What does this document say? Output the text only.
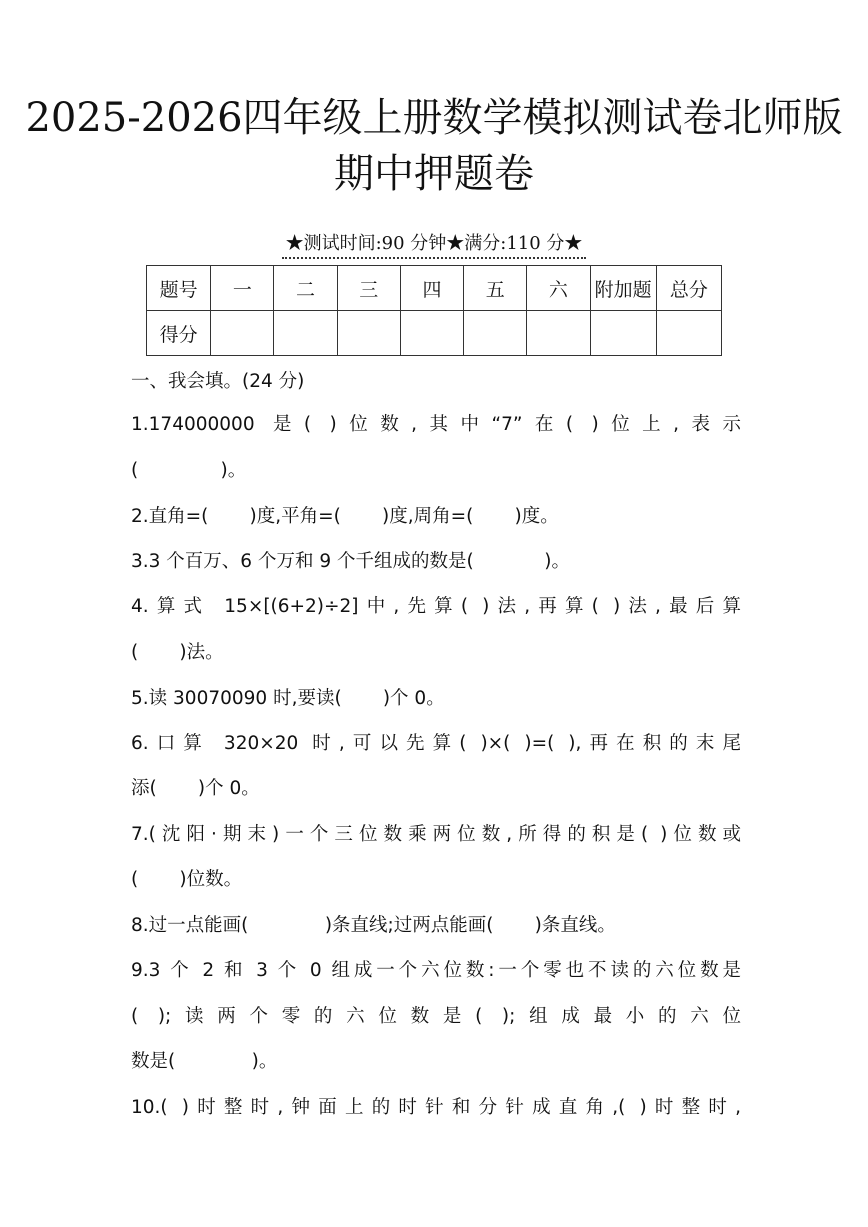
2025-2026四年级上册数学模拟测试卷北师版
期中押题卷
★测试时间:90 分钟★满分:110 分★
题号	一	二	三	四	五	六	附加题	总分
得分								
一、我会填。(24 分)
1.174000000 是( )位数,其中“7”在( )位上,表示
(              )。
2.直角=(       )度,平角=(       )度,周角=(       )度。
3.3 个百万、6 个万和 9 个千组成的数是(            )。
4.算式 15×[(6+2)÷2]中,先算( )法,再算( )法,最后算
(       )法。
5.读 30070090 时,要读(       )个 0。
6.口算 320×20 时,可以先算( )×( )=( ),再在积的末尾
添(       )个 0。
7.(沈阳·期末)一个三位数乘两位数,所得的积是( )位数或
(       )位数。
8.过一点能画(             )条直线;过两点能画(       )条直线。
9.3 个 2 和 3 个 0 组成一个六位数:一个零也不读的六位数是
( );读两个零的六位数是( );组成最小的六位
数是(             )。
10.( )时整时,钟面上的时针和分针成直角,( )时整时,
